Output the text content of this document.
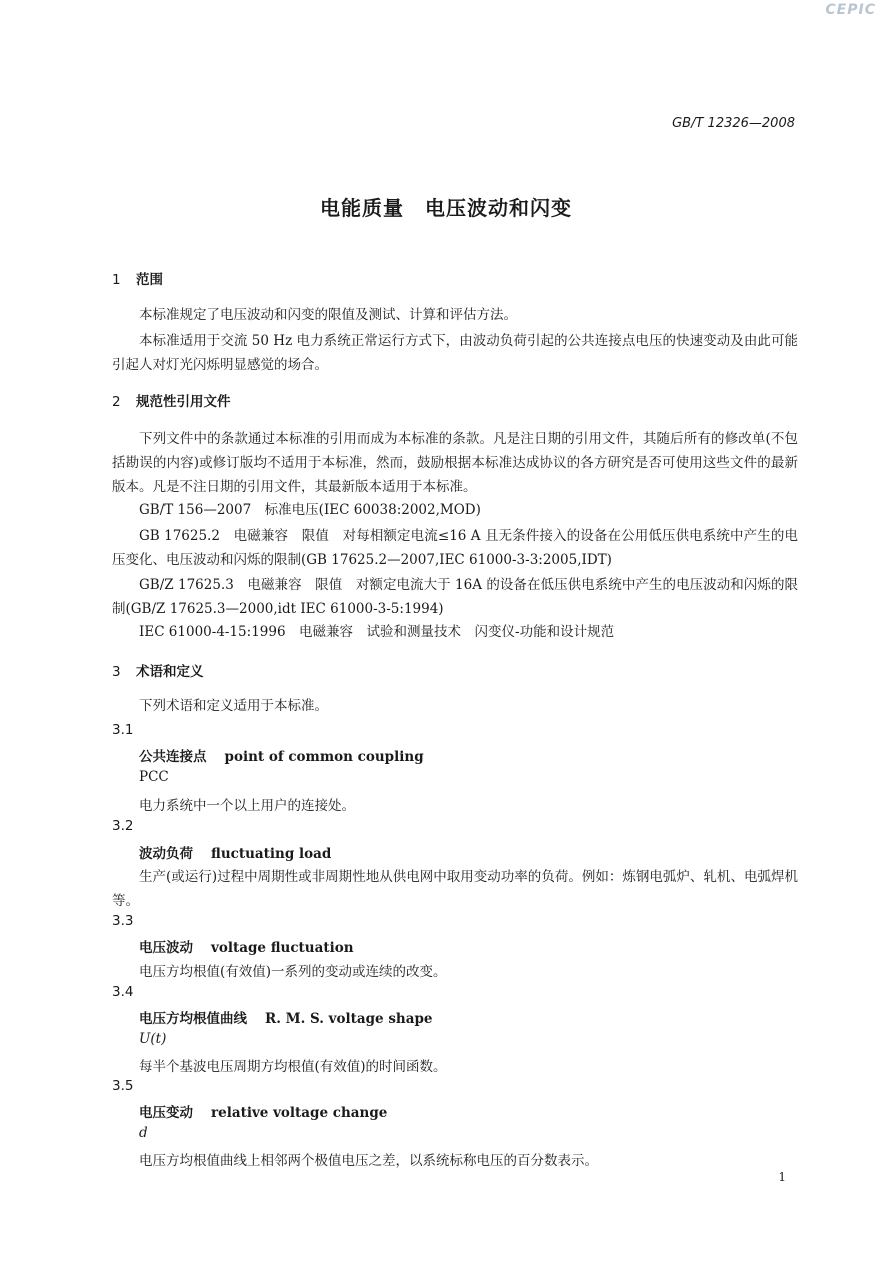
CEPIC
GB/T 12326—2008
电能质量　电压波动和闪变
1 范围
本标准规定了电压波动和闪变的限值及测试、计算和评估方法。
本标准适用于交流 50 Hz 电力系统正常运行方式下，由波动负荷引起的公共连接点电压的快速变动及由此可能引起人对灯光闪烁明显感觉的场合。
2 规范性引用文件
下列文件中的条款通过本标准的引用而成为本标准的条款。凡是注日期的引用文件，其随后所有的修改单(不包括勘误的内容)或修订版均不适用于本标准，然而，鼓励根据本标准达成协议的各方研究是否可使用这些文件的最新版本。凡是不注日期的引用文件，其最新版本适用于本标准。
GB/T 156—2007　标准电压(IEC 60038:2002,MOD)
GB 17625.2　电磁兼容　限值　对每相额定电流≤16 A 且无条件接入的设备在公用低压供电系统中产生的电压变化、电压波动和闪烁的限制(GB 17625.2—2007,IEC 61000-3-3:2005,IDT)
GB/Z 17625.3　电磁兼容　限值　对额定电流大于 16A 的设备在低压供电系统中产生的电压波动和闪烁的限制(GB/Z 17625.3—2000,idt IEC 61000-3-5:1994)
IEC 61000-4-15:1996　电磁兼容　试验和测量技术　闪变仪-功能和设计规范
3 术语和定义
下列术语和定义适用于本标准。
3.1
公共连接点 point of common coupling
PCC
电力系统中一个以上用户的连接处。
3.2
波动负荷 fluctuating load
生产(或运行)过程中周期性或非周期性地从供电网中取用变动功率的负荷。例如：炼钢电弧炉、轧机、电弧焊机等。
3.3
电压波动 voltage fluctuation
电压方均根值(有效值)一系列的变动或连续的改变。
3.4
电压方均根值曲线 R. M. S. voltage shape
U(t)
每半个基波电压周期方均根值(有效值)的时间函数。
3.5
电压变动 relative voltage change
d
电压方均根值曲线上相邻两个极值电压之差，以系统标称电压的百分数表示。
1
